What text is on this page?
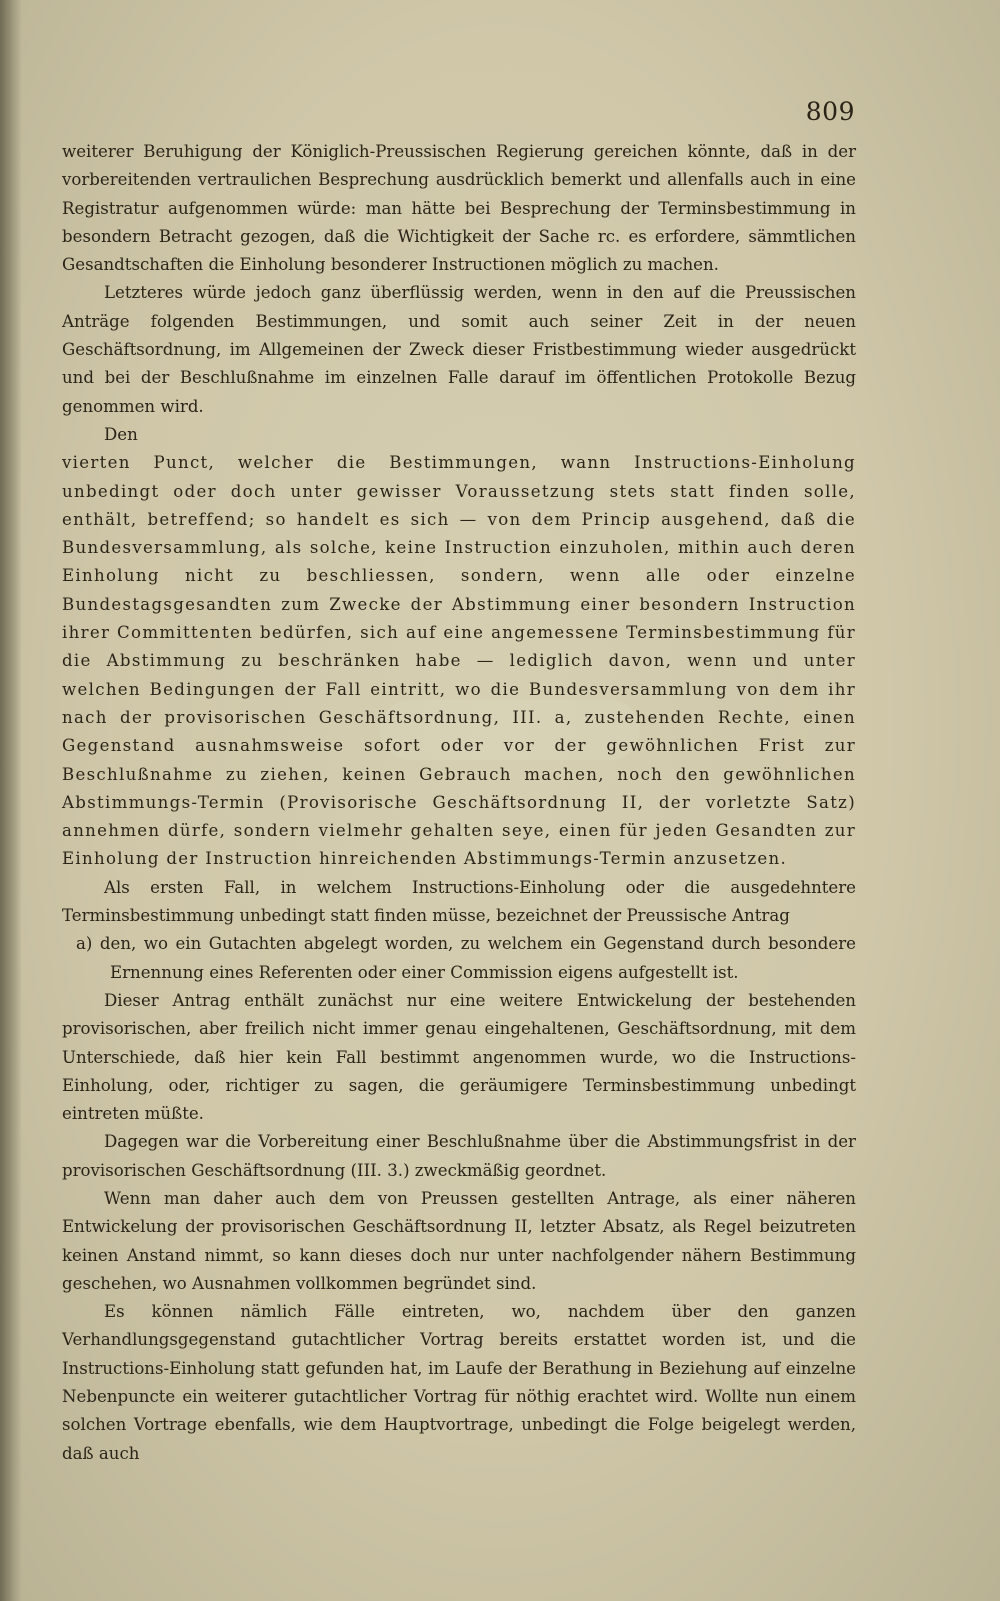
809

weiterer Beruhigung der Königlich-Preussischen Regierung gereichen könnte, daß in der vorbereitenden vertraulichen Besprechung ausdrücklich bemerkt und allenfalls auch in eine Registratur aufgenommen würde: man hätte bei Besprechung der Terminsbestimmung in besondern Betracht gezogen, daß die Wichtigkeit der Sache rc. es erfordere, sämmtlichen Gesandtschaften die Einholung besonderer Instructionen möglich zu machen.

Letzteres würde jedoch ganz überflüssig werden, wenn in den auf die Preussischen Anträge folgenden Bestimmungen, und somit auch seiner Zeit in der neuen Geschäftsordnung, im Allgemeinen der Zweck dieser Fristbestimmung wieder ausgedrückt und bei der Beschlußnahme im einzelnen Falle darauf im öffentlichen Protokolle Bezug genommen wird.

Den

vierten Punct, welcher die Bestimmungen, wann Instructions-Einholung unbedingt oder doch unter gewisser Voraussetzung stets statt finden solle, enthält, betreffend; so handelt es sich — von dem Princip ausgehend, daß die Bundesversammlung, als solche, keine Instruction einzuholen, mithin auch deren Einholung nicht zu beschliessen, sondern, wenn alle oder einzelne Bundestagsgesandten zum Zwecke der Abstimmung einer besondern Instruction ihrer Committenten bedürfen, sich auf eine angemessene Terminsbestimmung für die Abstimmung zu beschränken habe — lediglich davon, wenn und unter welchen Bedingungen der Fall eintritt, wo die Bundesversammlung von dem ihr nach der provisorischen Geschäftsordnung, III. a, zustehenden Rechte, einen Gegenstand ausnahmsweise sofort oder vor der gewöhnlichen Frist zur Beschlußnahme zu ziehen, keinen Gebrauch machen, noch den gewöhnlichen Abstimmungs-Termin (Provisorische Geschäftsordnung II, der vorletzte Satz) annehmen dürfe, sondern vielmehr gehalten seye, einen für jeden Gesandten zur Einholung der Instruction hinreichenden Abstimmungs-Termin anzusetzen.

Als ersten Fall, in welchem Instructions-Einholung oder die ausgedehntere Terminsbestimmung unbedingt statt finden müsse, bezeichnet der Preussische Antrag

a) den, wo ein Gutachten abgelegt worden, zu welchem ein Gegenstand durch besondere Ernennung eines Referenten oder einer Commission eigens aufgestellt ist.

Dieser Antrag enthält zunächst nur eine weitere Entwickelung der bestehenden provisorischen, aber freilich nicht immer genau eingehaltenen, Geschäftsordnung, mit dem Unterschiede, daß hier kein Fall bestimmt angenommen wurde, wo die Instructions-Einholung, oder, richtiger zu sagen, die geräumigere Terminsbestimmung unbedingt eintreten müßte.

Dagegen war die Vorbereitung einer Beschlußnahme über die Abstimmungsfrist in der provisorischen Geschäftsordnung (III. 3.) zweckmäßig geordnet.

Wenn man daher auch dem von Preussen gestellten Antrage, als einer näheren Entwickelung der provisorischen Geschäftsordnung II, letzter Absatz, als Regel beizutreten keinen Anstand nimmt, so kann dieses doch nur unter nachfolgender nähern Bestimmung geschehen, wo Ausnahmen vollkommen begründet sind.

Es können nämlich Fälle eintreten, wo, nachdem über den ganzen Verhandlungsgegenstand gutachtlicher Vortrag bereits erstattet worden ist, und die Instructions-Einholung statt gefunden hat, im Laufe der Berathung in Beziehung auf einzelne Nebenpuncte ein weiterer gutachtlicher Vortrag für nöthig erachtet wird. Wollte nun einem solchen Vortrage ebenfalls, wie dem Hauptvortrage, unbedingt die Folge beigelegt werden, daß auch
